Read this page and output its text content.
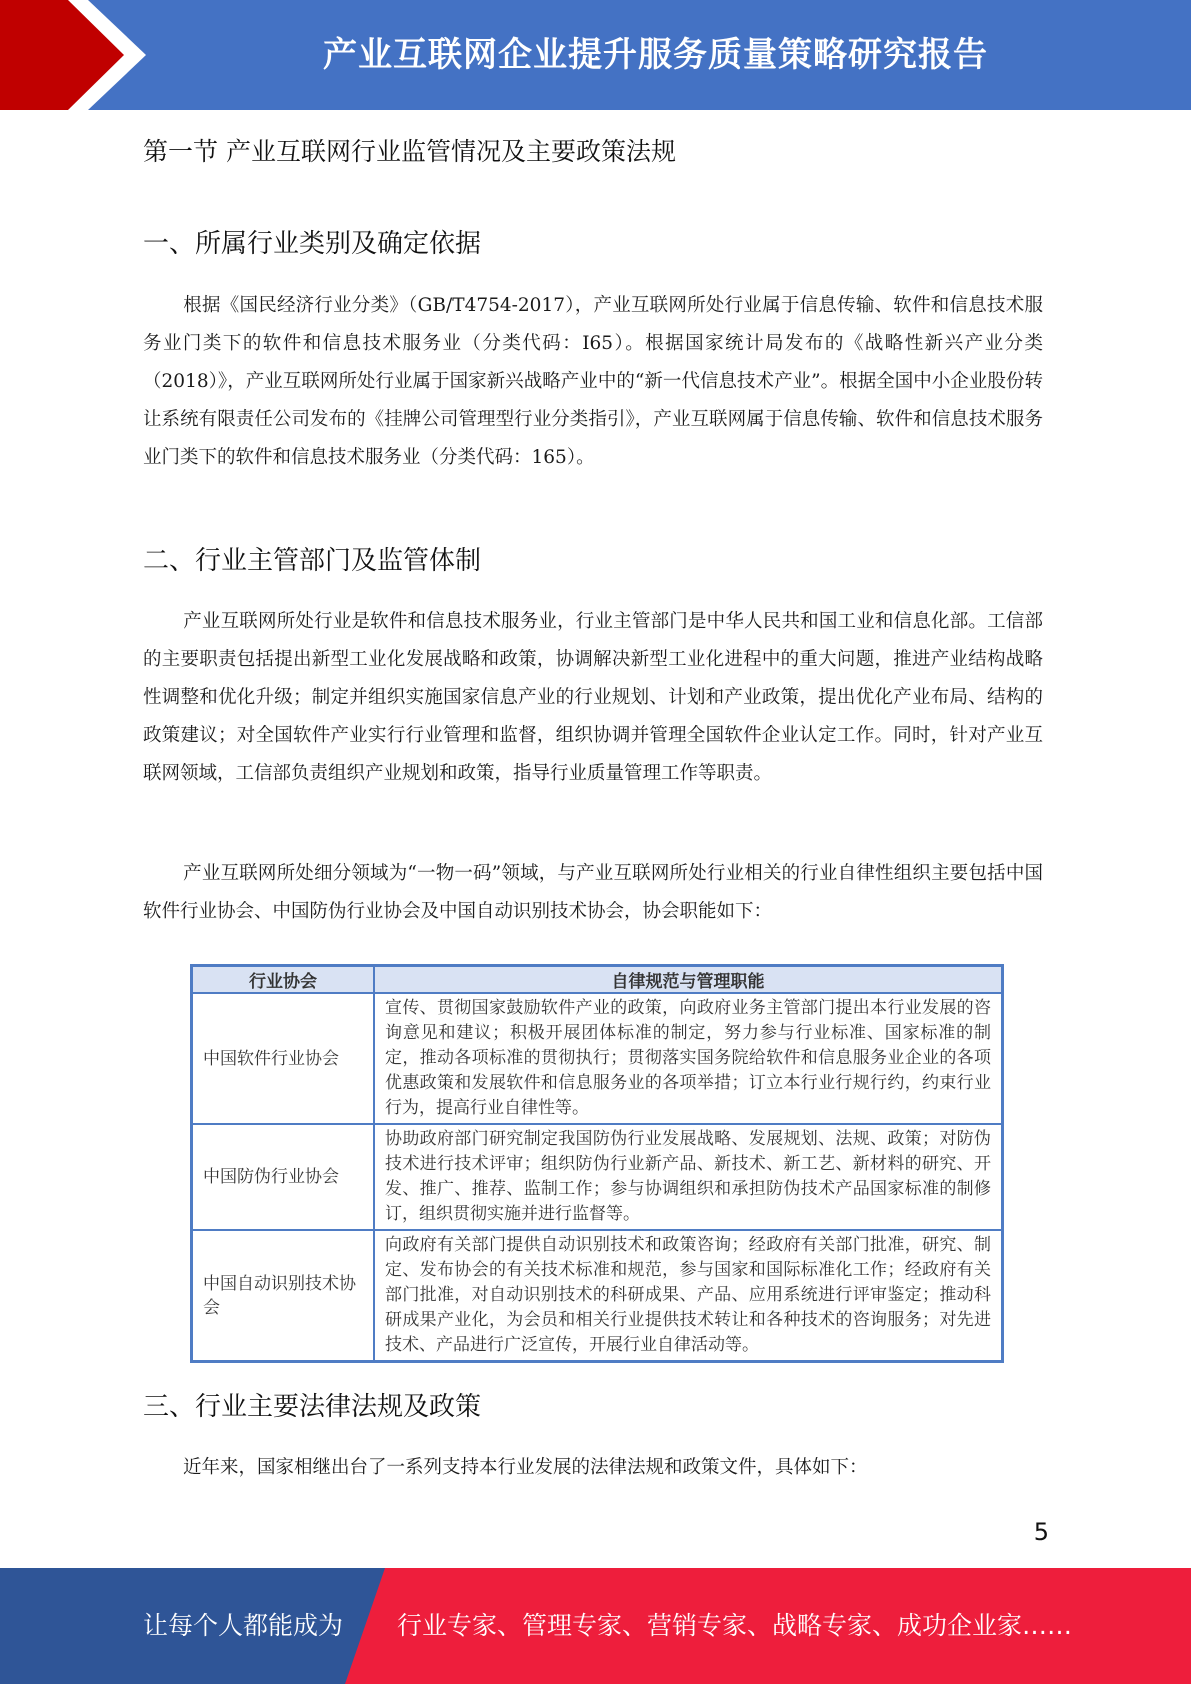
产业互联网企业提升服务质量策略研究报告
第一节 产业互联网行业监管情况及主要政策法规
一、所属行业类别及确定依据
根据《国民经济行业分类》（GB/T4754-2017），产业互联网所处行业属于信息传输、软件和信息技术服务业门类下的软件和信息技术服务业（分类代码：I65）。根据国家统计局发布的《战略性新兴产业分类（2018）》，产业互联网所处行业属于国家新兴战略产业中的“新一代信息技术产业”。根据全国中小企业股份转让系统有限责任公司发布的《挂牌公司管理型行业分类指引》，产业互联网属于信息传输、软件和信息技术服务业门类下的软件和信息技术服务业（分类代码：165）。
二、行业主管部门及监管体制
产业互联网所处行业是软件和信息技术服务业，行业主管部门是中华人民共和国工业和信息化部。工信部的主要职责包括提出新型工业化发展战略和政策，协调解决新型工业化进程中的重大问题，推进产业结构战略性调整和优化升级；制定并组织实施国家信息产业的行业规划、计划和产业政策，提出优化产业布局、结构的政策建议；对全国软件产业实行行业管理和监督，组织协调并管理全国软件企业认定工作。同时，针对产业互联网领域，工信部负责组织产业规划和政策，指导行业质量管理工作等职责。
产业互联网所处细分领域为“一物一码”领域，与产业互联网所处行业相关的行业自律性组织主要包括中国软件行业协会、中国防伪行业协会及中国自动识别技术协会，协会职能如下：
行业协会	自律规范与管理职能
中国软件行业协会	宣传、贯彻国家鼓励软件产业的政策，向政府业务主管部门提出本行业发展的咨询意见和建议；积极开展团体标准的制定，努力参与行业标准、国家标准的制定，推动各项标准的贯彻执行；贯彻落实国务院给软件和信息服务业企业的各项优惠政策和发展软件和信息服务业的各项举措；订立本行业行规行约，约束行业行为，提高行业自律性等。
中国防伪行业协会	协助政府部门研究制定我国防伪行业发展战略、发展规划、法规、政策；对防伪技术进行技术评审；组织防伪行业新产品、新技术、新工艺、新材料的研究、开发、推广、推荐、监制工作；参与协调组织和承担防伪技术产品国家标准的制修订，组织贯彻实施并进行监督等。
中国自动识别技术协会	向政府有关部门提供自动识别技术和政策咨询；经政府有关部门批准，研究、制定、发布协会的有关技术标准和规范，参与国家和国际标准化工作；经政府有关部门批准，对自动识别技术的科研成果、产品、应用系统进行评审鉴定；推动科研成果产业化，为会员和相关行业提供技术转让和各种技术的咨询服务；对先进技术、产品进行广泛宣传，开展行业自律活动等。
三、行业主要法律法规及政策
近年来，国家相继出台了一系列支持本行业发展的法律法规和政策文件，具体如下：
5
让每个人都能成为 行业专家、管理专家、营销专家、战略专家、成功企业家……
